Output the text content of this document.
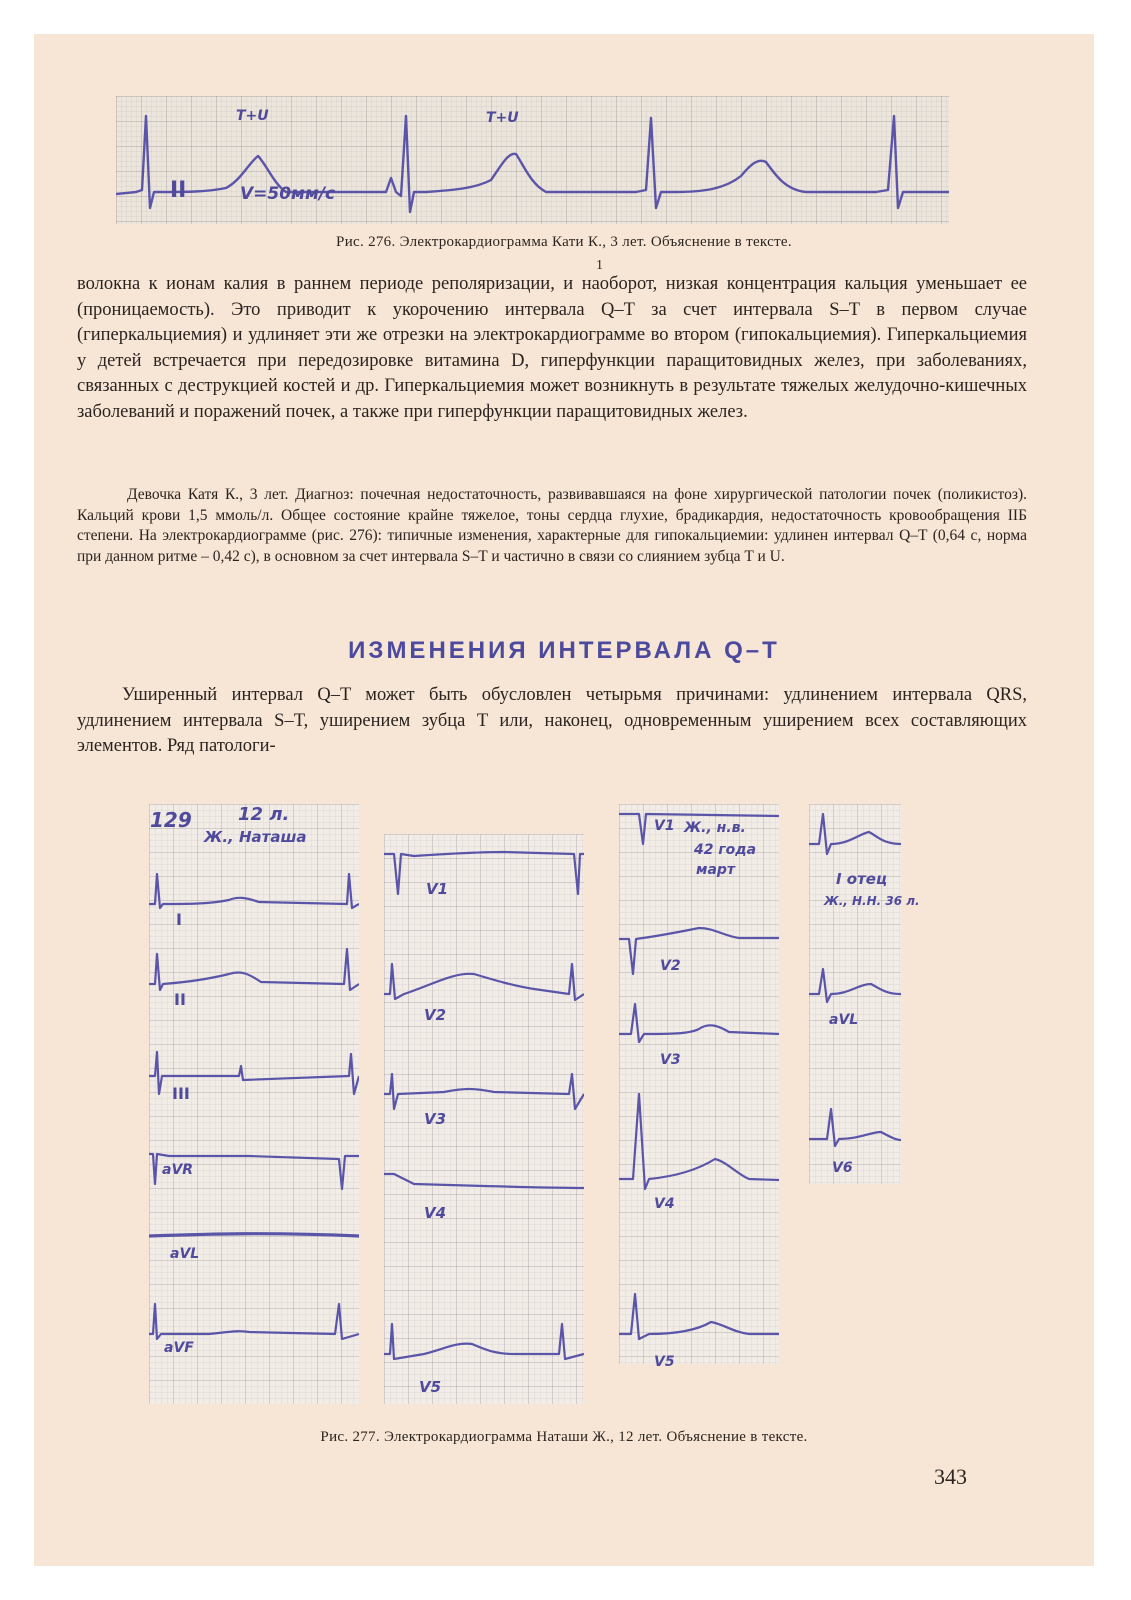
T+U	T+U
II	V=50мм/с
Рис. 276. Электрокардиограмма Кати К., 3 лет. Объяснение в тексте.
1

волокна к ионам калия в раннем периоде реполяризации, и наоборот, низкая концентрация кальция уменьшает ее (проницаемость). Это приводит к укорочению интервала Q–T за счет интервала S–T в первом случае (гиперкальциемия) и удлиняет эти же отрезки на электрокардиограмме во втором (гипокальциемия). Гиперкальциемия у детей встречается при передозировке витамина D, гиперфункции паращитовидных желез, при заболеваниях, связанных с деструкцией костей и др. Гиперкальциемия может возникнуть в результате тяжелых желудочно-кишечных заболеваний и поражений почек, а также при гиперфункции паращитовидных желез.

Девочка Катя К., 3 лет. Диагноз: почечная недостаточность, развивавшаяся на фоне хирургической патологии почек (поликистоз). Кальций крови 1,5 ммоль/л. Общее состояние крайне тяжелое, тоны сердца глухие, брадикардия, недостаточность кровообращения IIБ степени. На электрокардиограмме (рис. 276): типичные изменения, характерные для гипокальциемии: удлинен интервал Q–T (0,64 с, норма при данном ритме – 0,42 с), в основном за счет интервала S–T и частично в связи со слиянием зубца T и U.

ИЗМЕНЕНИЯ ИНТЕРВАЛА Q–T

Уширенный интервал Q–T может быть обусловлен четырьмя причинами: удлинением интервала QRS, удлинением интервала S–T, уширением зубца T или, наконец, одновременным уширением всех составляющих элементов. Ряд патологи-

129	12 л.
Ж., Наташа
I
II
III
aVR
aVL
aVF
V1
V2
V3
V4
V5
V1 Ж., н.в.
42 года
март
V2
V3
V4
V5
I отец
Ж., Н.Н. 36 л.
aVL
V6
Рис. 277. Электрокардиограмма Наташи Ж., 12 лет. Объяснение в тексте.
343
